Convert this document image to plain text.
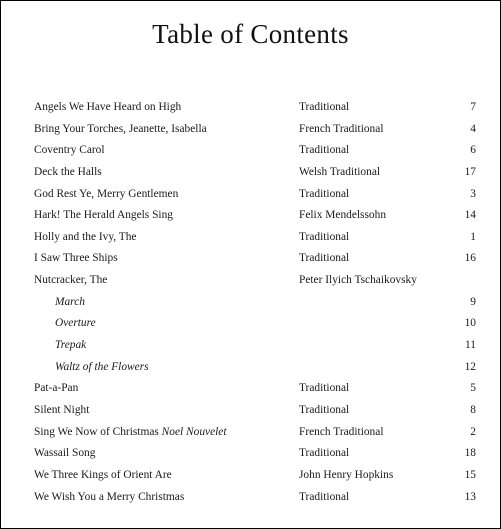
Table of Contents
Angels We Have Heard on High	Traditional	7
Bring Your Torches, Jeanette, Isabella	French Traditional	4
Coventry Carol	Traditional	6
Deck the Halls	Welsh Traditional	17
God Rest Ye, Merry Gentlemen	Traditional	3
Hark! The Herald Angels Sing	Felix Mendelssohn	14
Holly and the Ivy, The	Traditional	1
I Saw Three Ships	Traditional	16
Nutcracker, The	Peter Ilyich Tschaikovsky
March	9
Overture	10
Trepak	11
Waltz of the Flowers	12
Pat-a-Pan	Traditional	5
Silent Night	Traditional	8
Sing We Now of Christmas Noel Nouvelet	French Traditional	2
Wassail Song	Traditional	18
We Three Kings of Orient Are	John Henry Hopkins	15
We Wish You a Merry Christmas	Traditional	13
